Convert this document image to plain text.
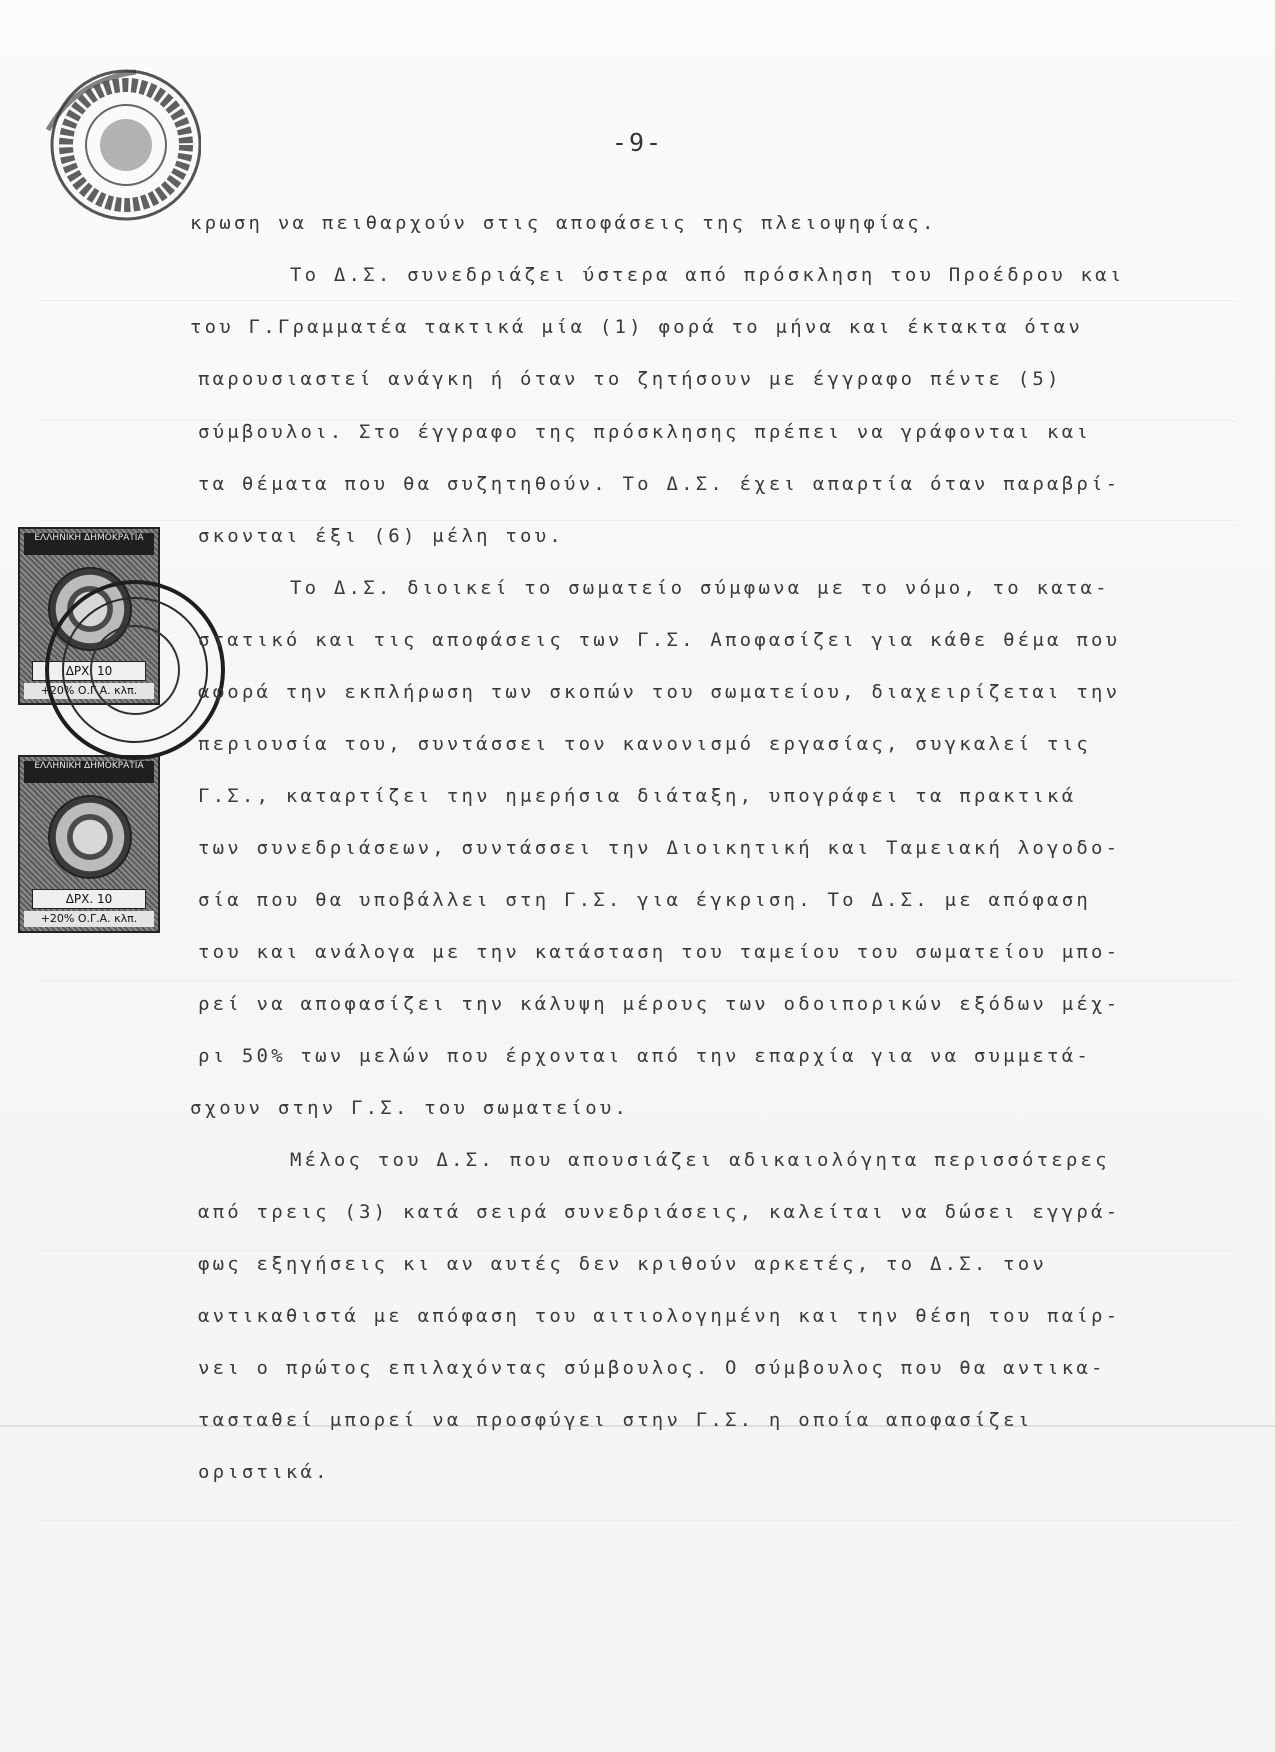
ΕΛΛΗΝΙΚΗ ΔΗΜΟΚΡΑΤΙΑ
ΔΡΧ. 10
+20% Ο.Γ.Α. κλπ.
ΕΛΛΗΝΙΚΗ ΔΗΜΟΚΡΑΤΙΑ
ΔΡΧ. 10
+20% Ο.Γ.Α. κλπ.
-9-
κρωση να πειθαρχούν στις αποφάσεις της πλειοψηφίας.
Το Δ.Σ. συνεδριάζει ύστερα από πρόσκληση του Προέδρου και
του Γ.Γραμματέα τακτικά μία (1) φορά το μήνα και έκτακτα όταν
παρουσιαστεί ανάγκη ή όταν το ζητήσουν με έγγραφο πέντε (5)
σύμβουλοι. Στο έγγραφο της πρόσκλησης πρέπει να γράφονται και
τα θέματα που θα συζητηθούν. Το Δ.Σ. έχει απαρτία όταν παραβρί-
σκονται έξι (6) μέλη του.
Το Δ.Σ. διοικεί το σωματείο σύμφωνα με το νόμο, το κατα-
στατικό και τις αποφάσεις των Γ.Σ. Αποφασίζει για κάθε θέμα που
αφορά την εκπλήρωση των σκοπών του σωματείου, διαχειρίζεται την
περιουσία του, συντάσσει τον κανονισμό εργασίας, συγκαλεί τις
Γ.Σ., καταρτίζει την ημερήσια διάταξη, υπογράφει τα πρακτικά
των συνεδριάσεων, συντάσσει την Διοικητική και Ταμειακή λογοδο-
σία που θα υποβάλλει στη Γ.Σ. για έγκριση. Το Δ.Σ. με απόφαση
του και ανάλογα με την κατάσταση του ταμείου του σωματείου μπο-
ρεί να αποφασίζει την κάλυψη μέρους των οδοιπορικών εξόδων μέχ-
ρι 50% των μελών που έρχονται από την επαρχία για να συμμετά-
σχουν στην Γ.Σ. του σωματείου.
Μέλος του Δ.Σ. που απουσιάζει αδικαιολόγητα περισσότερες
από τρεις (3) κατά σειρά συνεδριάσεις, καλείται να δώσει εγγρά-
φως εξηγήσεις κι αν αυτές δεν κριθούν αρκετές, το Δ.Σ. τον
αντικαθιστά με απόφαση του αιτιολογημένη και την θέση του παίρ-
νει ο πρώτος επιλαχόντας σύμβουλος. Ο σύμβουλος που θα αντικα-
τασταθεί μπορεί να προσφύγει στην Γ.Σ. η οποία αποφασίζει
οριστικά.
